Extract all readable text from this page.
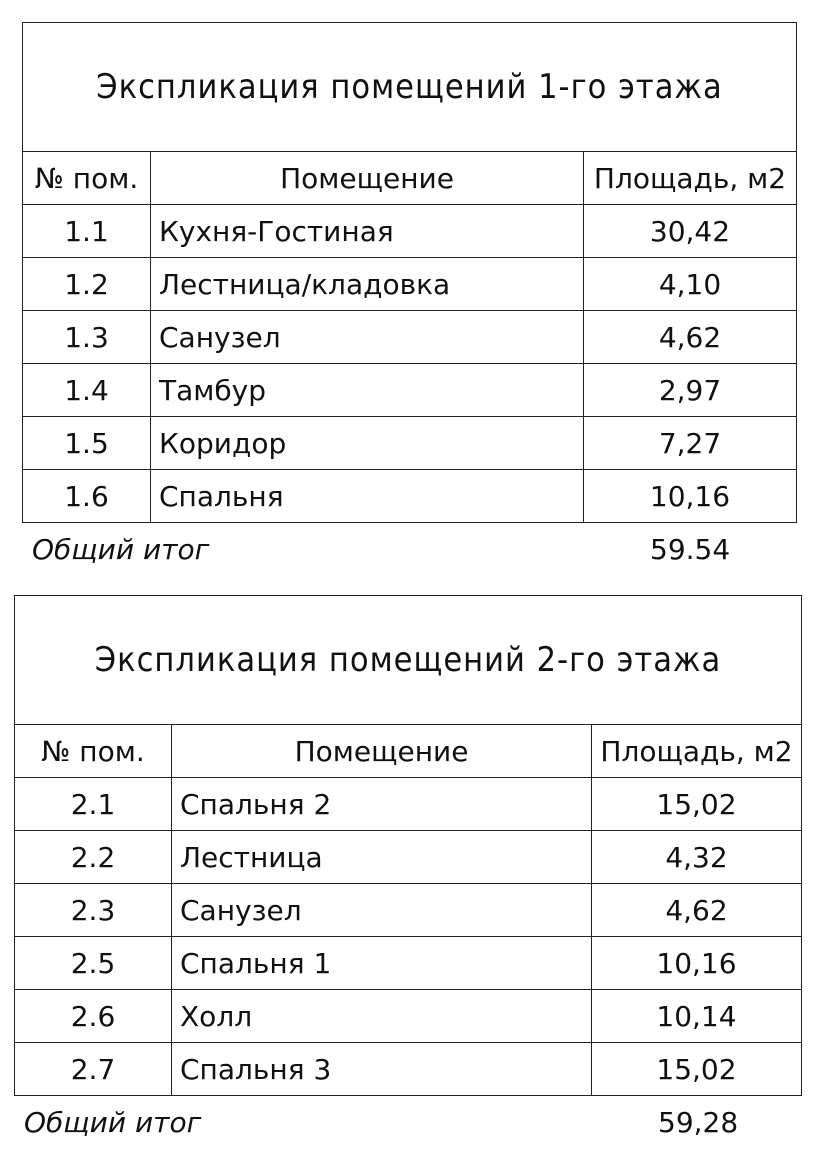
Экспликация помещений 1-го этажа		
№ пом.	Помещение	Площадь, м2
1.1	Кухня-Гостиная	30,42
1.2	Лестница/кладовка	4,10
1.3	Санузел	4,62
1.4	Тамбур	2,97
1.5	Коридор	7,27
1.6	Спальня	10,16
Общий итог	59.54
Экспликация помещений 2-го этажа		
№ пом.	Помещение	Площадь, м2
2.1	Спальня 2	15,02
2.2	Лестница	4,32
2.3	Санузел	4,62
2.5	Спальня 1	10,16
2.6	Холл	10,14
2.7	Спальня 3	15,02
Общий итог	59,28
